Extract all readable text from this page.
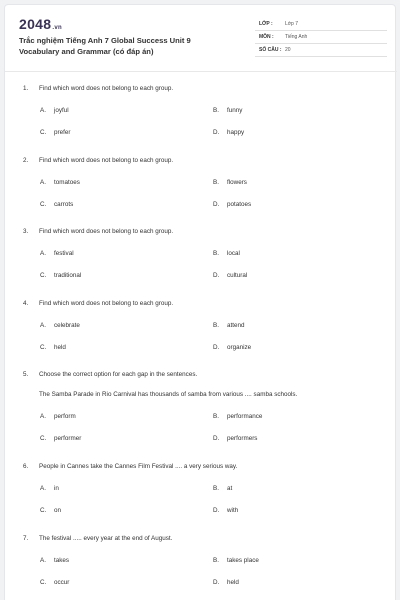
2048.vn
Trắc nghiệm Tiếng Anh 7 Global Success Unit 9
Vocabulary and Grammar (có đáp án)
LỚP : Lớp 7
MÔN : Tiếng Anh
SỐ CÂU : 20
1. Find which word does not belong to each group.
A. joyful	B. funny
C. prefer	D. happy
2. Find which word does not belong to each group.
A. tomatoes	B. flowers
C. carrots	D. potatoes
3. Find which word does not belong to each group.
A. festival	B. local
C. traditional	D. cultural
4. Find which word does not belong to each group.
A. celebrate	B. attend
C. held	D. organize
5. Choose the correct option for each gap in the sentences.
The Samba Parade in Rio Carnival has thousands of samba from various .... samba schools.
A. perform	B. performance
C. performer	D. performers
6. People in Cannes take the Cannes Film Festival .... a very serious way.
A. in	B. at
C. on	D. with
7. The festival ..... every year at the end of August.
A. takes	B. takes place
C. occur	D. held
